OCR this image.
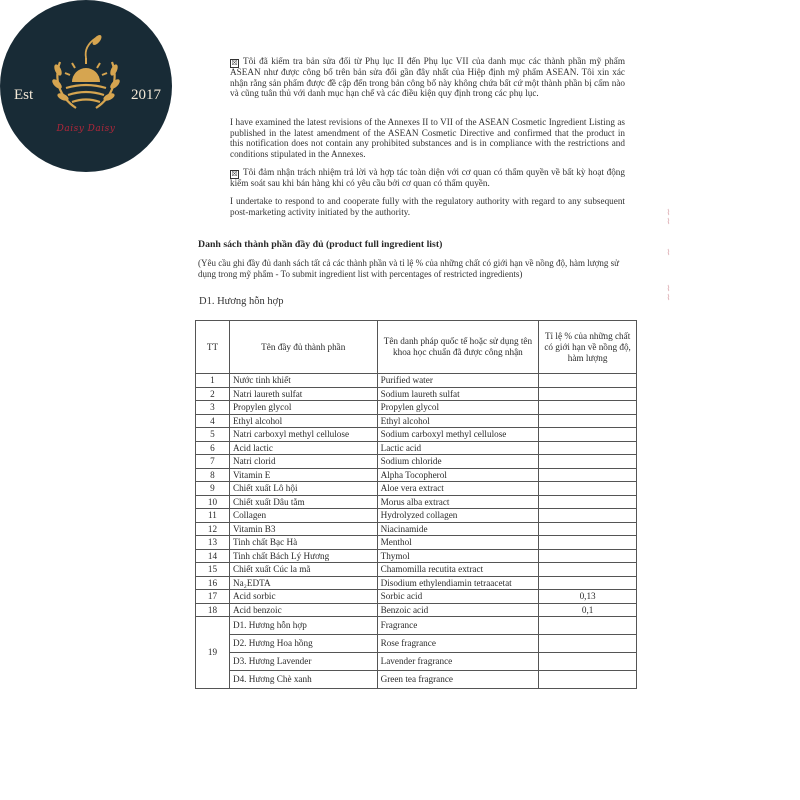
Est	2017
Daisy Daisy
☒ Tôi đã kiểm tra bản sửa đổi từ Phụ lục II đến Phụ lục VII của danh mục các thành phần mỹ phẩm ASEAN như được công bố trên bản sửa đổi gần đây nhất của Hiệp định mỹ phẩm ASEAN. Tôi xin xác nhận rằng sản phẩm được đề cập đến trong bản công bố này không chứa bất cứ một thành phần bị cấm nào và cũng tuân thủ với danh mục hạn chế và các điều kiện quy định trong các phụ lục.
I have examined the latest revisions of the Annexes II to VII of the ASEAN Cosmetic Ingredient Listing as published in the latest amendment of the ASEAN Cosmetic Directive and confirmed that the product in this notification does not contain any prohibited substances and is in compliance with the restrictions and conditions stipulated in the Annexes.
☒ Tôi đảm nhận trách nhiệm trả lời và hợp tác toàn diện với cơ quan có thẩm quyền về bất kỳ hoạt động kiểm soát sau khi bán hàng khi có yêu cầu bởi cơ quan có thẩm quyền.
I undertake to respond to and cooperate fully with the regulatory authority with regard to any subsequent post-marketing activity initiated by the authority.
Danh sách thành phần đầy đủ (product full ingredient list)
(Yêu cầu ghi đầy đủ danh sách tất cả các thành phần và tỉ lệ % của những chất có giới hạn về nồng độ, hàm lượng sử dụng trong mỹ phẩm - To submit ingredient list with percentages of restricted ingredients)
D1. Hương hỗn hợp
⌇⌇
⌇
⌇⌇
TT	Tên đầy đủ thành phần	Tên danh pháp quốc tế hoặc sử dụng tên khoa học chuẩn đã được công nhận	Tỉ lệ % của những chất có giới hạn về nồng độ, hàm lượng
1	Nước tinh khiết	Purified water	
2	Natri laureth sulfat	Sodium laureth sulfat	
3	Propylen glycol	Propylen glycol	
4	Ethyl alcohol	Ethyl alcohol	
5	Natri carboxyl methyl cellulose	Sodium carboxyl methyl cellulose	
6	Acid lactic	Lactic acid	
7	Natri clorid	Sodium chloride	
8	Vitamin E	Alpha Tocopherol	
9	Chiết xuất Lô hội	Aloe vera extract	
10	Chiết xuất Dâu tằm	Morus alba extract	
11	Collagen	Hydrolyzed collagen	
12	Vitamin B3	Niacinamide	
13	Tinh chất Bạc Hà	Menthol	
14	Tinh chất Bách Lý Hương	Thymol	
15	Chiết xuất Cúc la mã	Chamomilla recutita extract	
16	Na₂EDTA	Disodium ethylendiamin tetraacetat	
17	Acid sorbic	Sorbic acid	0,13
18	Acid benzoic	Benzoic acid	0,1
19	D1. Hương hỗn hợp	Fragrance	
	D2. Hương Hoa hồng	Rose fragrance	
	D3. Hương Lavender	Lavender fragrance	
	D4. Hương Chè xanh	Green tea fragrance	
